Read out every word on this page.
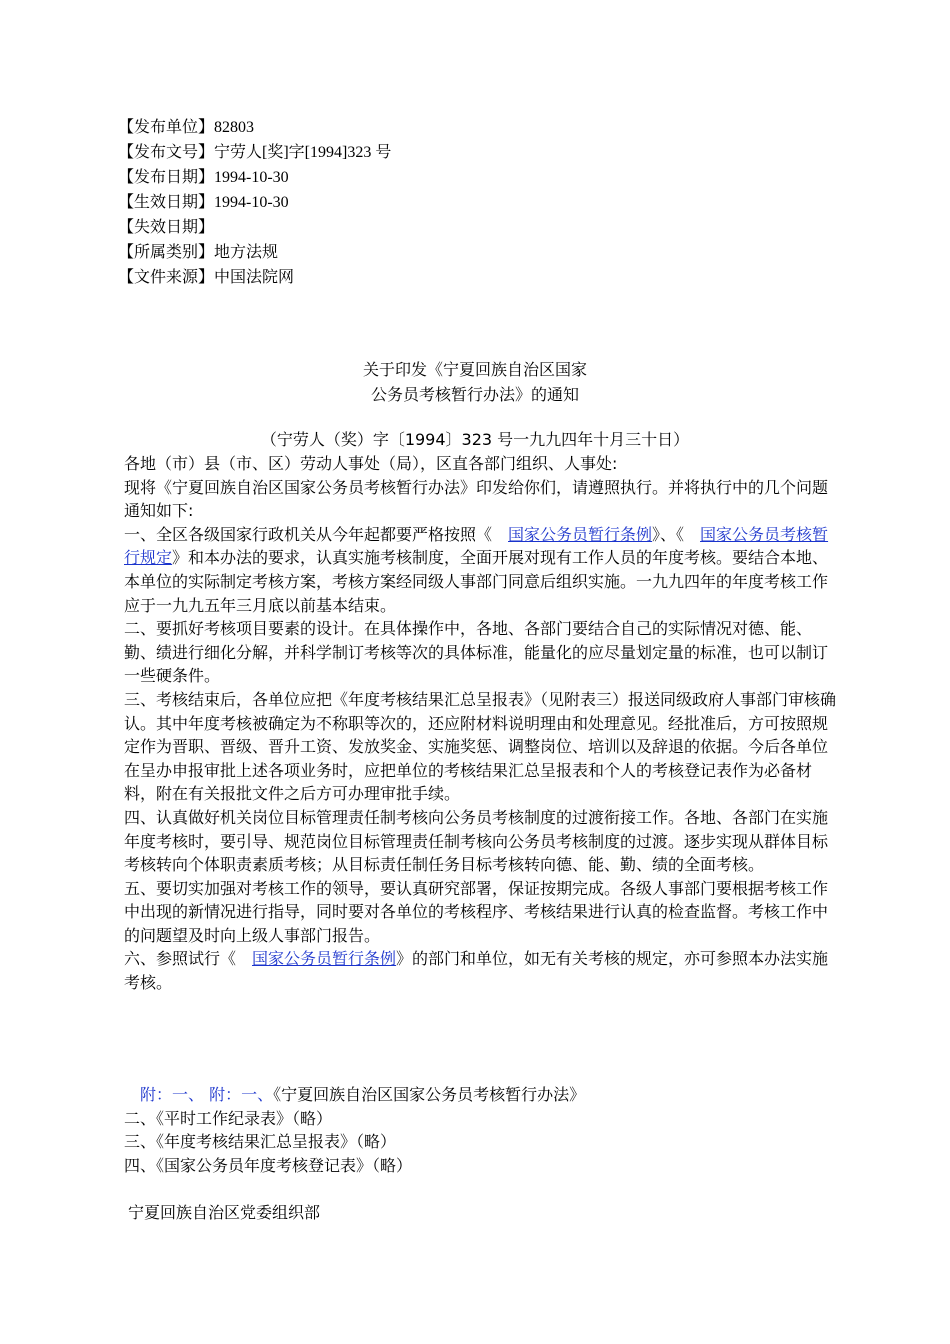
【发布单位】82803
【发布文号】宁劳人[奖]字[1994]323 号
【发布日期】1994-10-30
【生效日期】1994-10-30
【失效日期】
【所属类别】地方法规
【文件来源】中国法院网
关于印发《宁夏回族自治区国家
公务员考核暂行办法》的通知
（宁劳人（奖）字〔1994〕323 号一九九四年十月三十日）

各地（市）县（市、区）劳动人事处（局），区直各部门组织、人事处:

现将《宁夏回族自治区国家公务员考核暂行办法》印发给你们，请遵照执行。并将执行中的几个问题通知如下:

一、全区各级国家行政机关从今年起都要严格按照《　国家公务员暂行条例》、《　国家公务员考核暂行规定》和本办法的要求，认真实施考核制度，全面开展对现有工作人员的年度考核。要结合本地、本单位的实际制定考核方案，考核方案经同级人事部门同意后组织实施。一九九四年的年度考核工作应于一九九五年三月底以前基本结束。

二、要抓好考核项目要素的设计。在具体操作中，各地、各部门要结合自己的实际情况对德、能、勤、绩进行细化分解，并科学制订考核等次的具体标准，能量化的应尽量划定量的标准，也可以制订一些硬条件。

三、考核结束后，各单位应把《年度考核结果汇总呈报表》（见附表三）报送同级政府人事部门审核确认。其中年度考核被确定为不称职等次的，还应附材料说明理由和处理意见。经批准后，方可按照规定作为晋职、晋级、晋升工资、发放奖金、实施奖惩、调整岗位、培训以及辞退的依据。今后各单位在呈办申报审批上述各项业务时，应把单位的考核结果汇总呈报表和个人的考核登记表作为必备材料，附在有关报批文件之后方可办理审批手续。

四、认真做好机关岗位目标管理责任制考核向公务员考核制度的过渡衔接工作。各地、各部门在实施年度考核时，要引导、规范岗位目标管理责任制考核向公务员考核制度的过渡。逐步实现从群体目标考核转向个体职责素质考核；从目标责任制任务目标考核转向德、能、勤、绩的全面考核。

五、要切实加强对考核工作的领导，要认真研究部署，保证按期完成。各级人事部门要根据考核工作中出现的新情况进行指导，同时要对各单位的考核程序、考核结果进行认真的检查监督。考核工作中的问题望及时向上级人事部门报告。

六、参照试行《　国家公务员暂行条例》的部门和单位，如无有关考核的规定，亦可参照本办法实施考核。

　附：一、 附：一、《宁夏回族自治区国家公务员考核暂行办法》
二、《平时工作纪录表》（略）
三、《年度考核结果汇总呈报表》（略）
四、《国家公务员年度考核登记表》（略）
宁夏回族自治区党委组织部
